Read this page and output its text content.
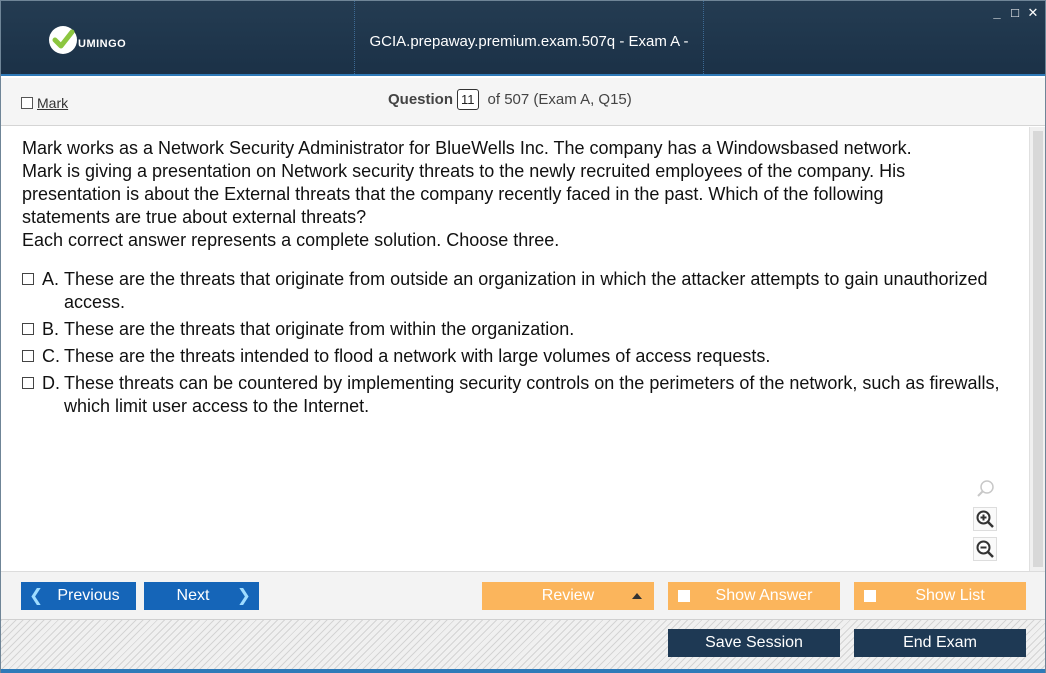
UMINGO	GCIA.prepaway.premium.exam.507q - Exam A -
_ □ ✕
Mark	Question 11 of 507 (Exam A, Q15)
Mark works as a Network Security Administrator for BlueWells Inc. The company has a Windowsbased network.
Mark is giving a presentation on Network security threats to the newly recruited employees of the company. His
presentation is about the External threats that the company recently faced in the past. Which of the following
statements are true about external threats?
Each correct answer represents a complete solution. Choose three.
A. These are the threats that originate from outside an organization in which the attacker attempts to gain unauthorized access.
B. These are the threats that originate from within the organization.
C. These are the threats intended to flood a network with large volumes of access requests.
D. These threats can be countered by implementing security controls on the perimeters of the network, such as firewalls, which limit user access to the Internet.
❮ Previous	Next ❯	Review	Show Answer	Show List
Save Session	End Exam
